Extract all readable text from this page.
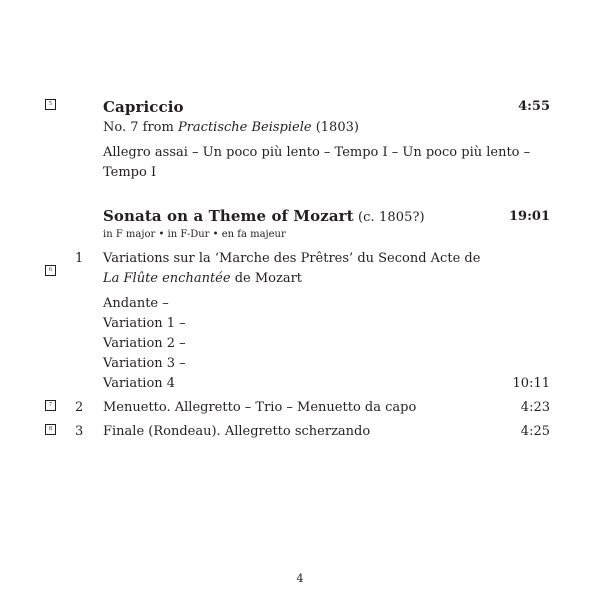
5	Capriccio	4:55
No. 7 from Practische Beispiele (1803)
Allegro assai – Un poco più lento – Tempo I – Un poco più lento –
Tempo I
Sonata on a Theme of Mozart (c. 1805?)	19:01
in F major • in F-Dur • en fa majeur
6
1 Variations sur la ‘Marche des Prêtres’ du Second Acte de
La Flûte enchantée de Mozart
Andante –
Variation 1 –
Variation 2 –
Variation 3 –
Variation 4	10:11
7	2 Menuetto. Allegretto – Trio – Menuetto da capo	4:23
8	3 Finale (Rondeau). Allegretto scherzando	4:25
4
